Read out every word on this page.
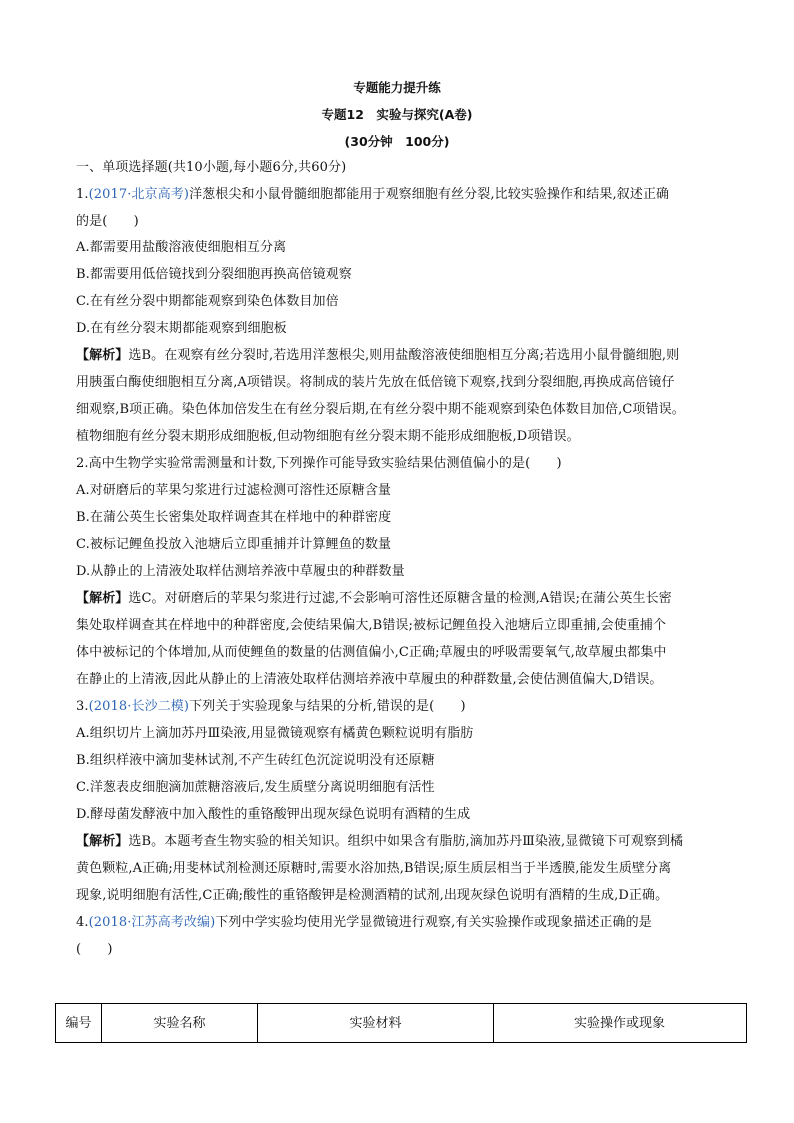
专题能力提升练
专题12　实验与探究(A卷)
(30分钟　100分)
一、单项选择题(共10小题,每小题6分,共60分)
1.(2017·北京高考)洋葱根尖和小鼠骨髓细胞都能用于观察细胞有丝分裂,比较实验操作和结果,叙述正确
的是(　　)
A.都需要用盐酸溶液使细胞相互分离
B.都需要用低倍镜找到分裂细胞再换高倍镜观察
C.在有丝分裂中期都能观察到染色体数目加倍
D.在有丝分裂末期都能观察到细胞板
【解析】选B。在观察有丝分裂时,若选用洋葱根尖,则用盐酸溶液使细胞相互分离;若选用小鼠骨髓细胞,则
用胰蛋白酶使细胞相互分离,A项错误。将制成的装片先放在低倍镜下观察,找到分裂细胞,再换成高倍镜仔
细观察,B项正确。染色体加倍发生在有丝分裂后期,在有丝分裂中期不能观察到染色体数目加倍,C项错误。
植物细胞有丝分裂末期形成细胞板,但动物细胞有丝分裂末期不能形成细胞板,D项错误。
2.高中生物学实验常需测量和计数,下列操作可能导致实验结果估测值偏小的是(　　)
A.对研磨后的苹果匀浆进行过滤检测可溶性还原糖含量
B.在蒲公英生长密集处取样调查其在样地中的种群密度
C.被标记鲤鱼投放入池塘后立即重捕并计算鲤鱼的数量
D.从静止的上清液处取样估测培养液中草履虫的种群数量
【解析】选C。对研磨后的苹果匀浆进行过滤,不会影响可溶性还原糖含量的检测,A错误;在蒲公英生长密
集处取样调查其在样地中的种群密度,会使结果偏大,B错误;被标记鲤鱼投入池塘后立即重捕,会使重捕个
体中被标记的个体增加,从而使鲤鱼的数量的估测值偏小,C正确;草履虫的呼吸需要氧气,故草履虫都集中
在静止的上清液,因此从静止的上清液处取样估测培养液中草履虫的种群数量,会使估测值偏大,D错误。
3.(2018·长沙二模)下列关于实验现象与结果的分析,错误的是(　　)
A.组织切片上滴加苏丹Ⅲ染液,用显微镜观察有橘黄色颗粒说明有脂肪
B.组织样液中滴加斐林试剂,不产生砖红色沉淀说明没有还原糖
C.洋葱表皮细胞滴加蔗糖溶液后,发生质壁分离说明细胞有活性
D.酵母菌发酵液中加入酸性的重铬酸钾出现灰绿色说明有酒精的生成
【解析】选B。本题考查生物实验的相关知识。组织中如果含有脂肪,滴加苏丹Ⅲ染液,显微镜下可观察到橘
黄色颗粒,A正确;用斐林试剂检测还原糖时,需要水浴加热,B错误;原生质层相当于半透膜,能发生质壁分离
现象,说明细胞有活性,C正确;酸性的重铬酸钾是检测酒精的试剂,出现灰绿色说明有酒精的生成,D正确。
4.(2018·江苏高考改编)下列中学实验均使用光学显微镜进行观察,有关实验操作或现象描述正确的是
(　　)
编号	实验名称	实验材料	实验操作或现象
